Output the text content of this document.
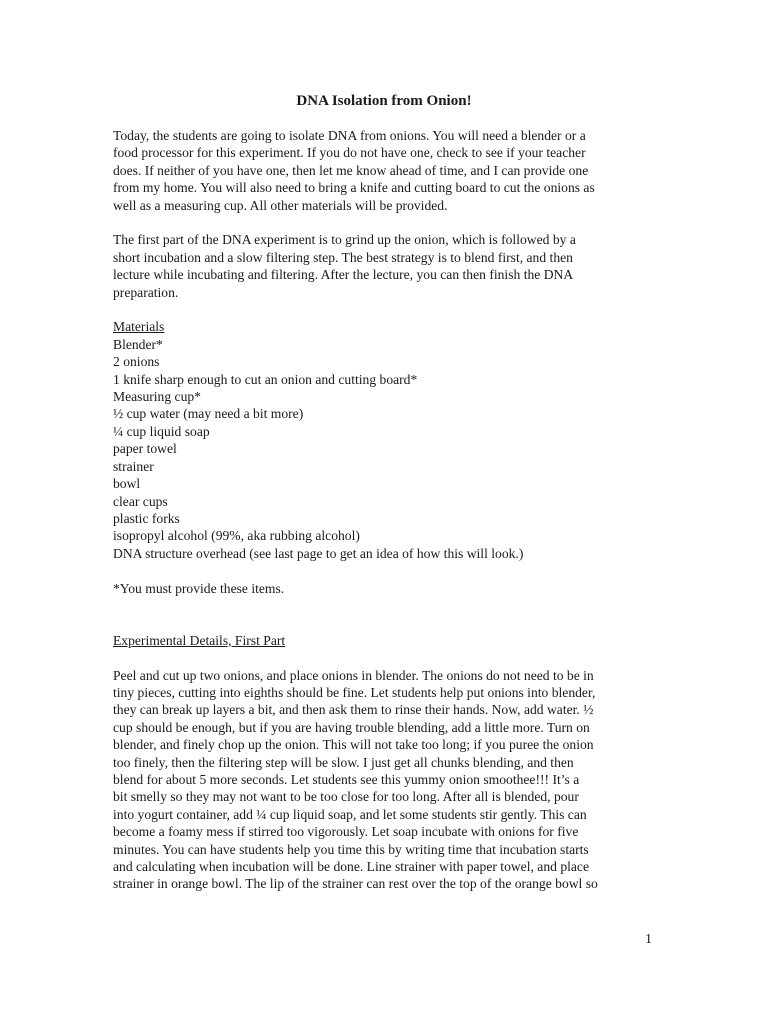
DNA Isolation from Onion!

Today, the students are going to isolate DNA from onions. You will need a blender or a

food processor for this experiment. If you do not have one, check to see if your teacher

does. If neither of you have one, then let me know ahead of time, and I can provide one

from my home. You will also need to bring a knife and cutting board to cut the onions as

well as a measuring cup. All other materials will be provided.

The first part of the DNA experiment is to grind up the onion, which is followed by a

short incubation and a slow filtering step. The best strategy is to blend first, and then

lecture while incubating and filtering. After the lecture, you can then finish the DNA

preparation.

Materials

Blender*

2 onions

1 knife sharp enough to cut an onion and cutting board*

Measuring cup*

½ cup water (may need a bit more)

¼ cup liquid soap

paper towel

strainer

bowl

clear cups

plastic forks

isopropyl alcohol (99%, aka rubbing alcohol)

DNA structure overhead (see last page to get an idea of how this will look.)

*You must provide these items.

Experimental Details, First Part

Peel and cut up two onions, and place onions in blender. The onions do not need to be in

tiny pieces, cutting into eighths should be fine. Let students help put onions into blender,

they can break up layers a bit, and then ask them to rinse their hands. Now, add water. ½

cup should be enough, but if you are having trouble blending, add a little more. Turn on

blender, and finely chop up the onion. This will not take too long; if you puree the onion

too finely, then the filtering step will be slow. I just get all chunks blending, and then

blend for about 5 more seconds. Let students see this yummy onion smoothee!!! It’s a

bit smelly so they may not want to be too close for too long. After all is blended, pour

into yogurt container, add ¼ cup liquid soap, and let some students stir gently. This can

become a foamy mess if stirred too vigorously. Let soap incubate with onions for five

minutes. You can have students help you time this by writing time that incubation starts

and calculating when incubation will be done. Line strainer with paper towel, and place

strainer in orange bowl. The lip of the strainer can rest over the top of the orange bowl so

1
